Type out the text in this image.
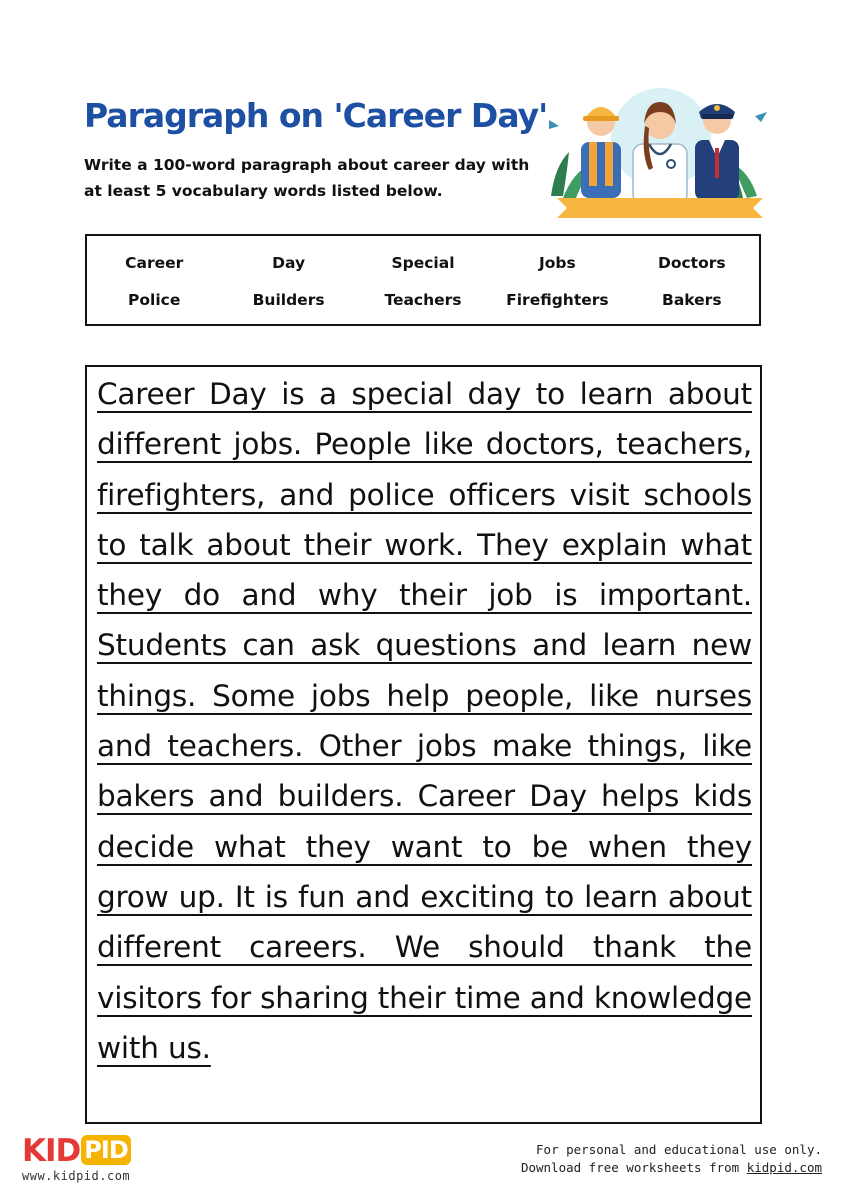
Paragraph on 'Career Day'

Write a 100-word paragraph about career day with at least 5 vocabulary words listed below.

Career	Day	Special	Jobs	Doctors
Police	Builders	Teachers	Firefighters	Bakers

Career Day is a special day to learn about different jobs. People like doctors, teachers, firefighters, and police officers visit schools to talk about their work. They explain what they do and why their job is important. Students can ask questions and learn new things. Some jobs help people, like nurses and teachers. Other jobs make things, like bakers and builders. Career Day helps kids decide what they want to be when they grow up. It is fun and exciting to learn about different careers. We should thank the visitors for sharing their time and knowledge with us.

KID PID
www.kidpid.com
For personal and educational use only.
Download free worksheets from kidpid.com
